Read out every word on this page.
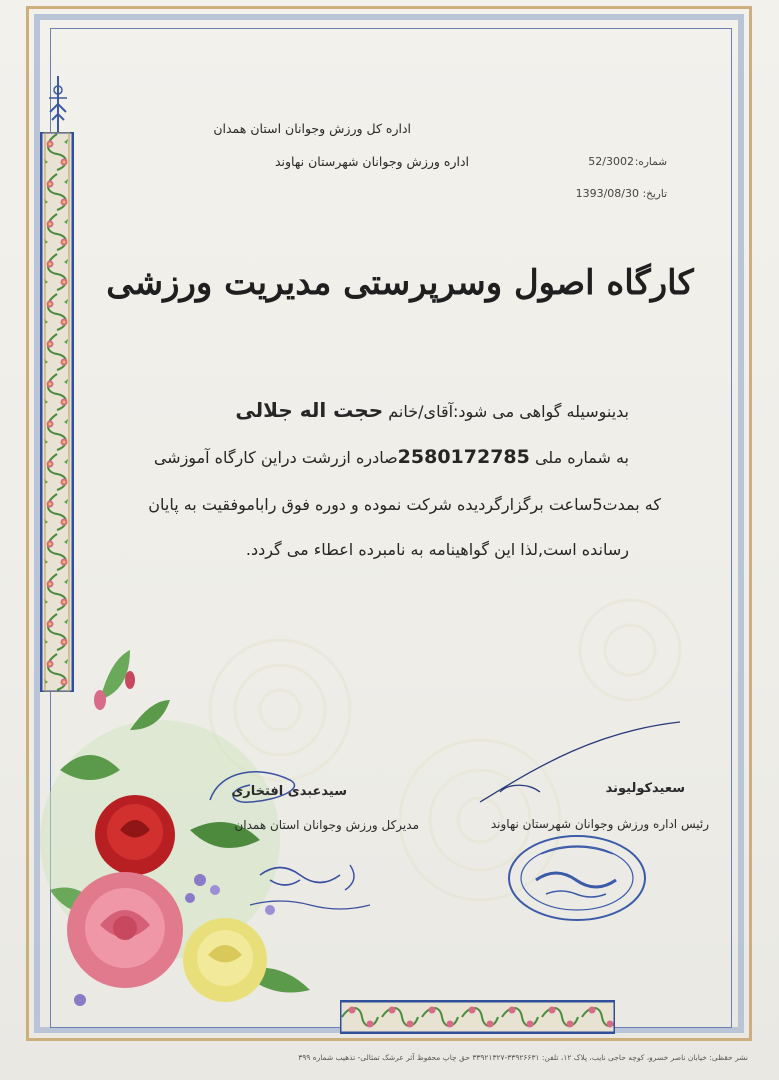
اداره کل ورزش وجوانان استان همدان
اداره ورزش وجوانان شهرستان نهاوند	شماره:
52/3002
تاریخ:
1393/08/30
کارگاه اصول وسرپرستی مدیریت ورزشی
بدینوسیله گواهی می شود:آقای/خانم حجت اله جلالی
به شماره ملی 2580172785صادره ازرشت دراین کارگاه آموزشی
که بمدت5ساعت برگزارگردیده شرکت نموده و دوره فوق راباموفقیت به پایان
رسانده است,لذا این گواهینامه به نامبرده اعطاء می گردد.
سیدعبدی افتخاری
مدیرکل ورزش وجوانان استان همدان
سعیدکولیوند
رئیس اداره ورزش وجوانان شهرستان نهاوند
نشر حقظی: خیابان ناصر خسرو، کوچه حاجی نایب، پلاک ۱۲، تلفن: ۳۳۹۲۶۶۳۱-۳۳۹۲۱۳۲۷ حق چاپ محفوظ آثر عرشک تمثالی- تذهیب شماره ۳۹۹
